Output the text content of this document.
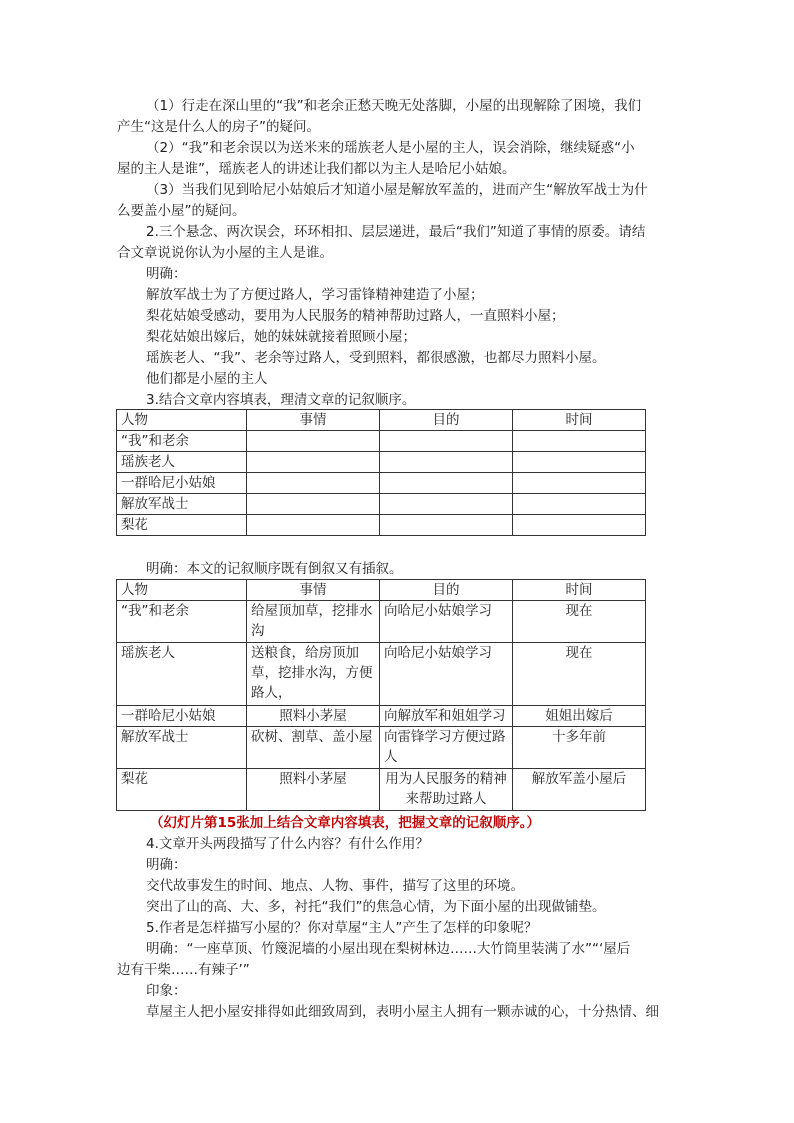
（1）行走在深山里的“我”和老余正愁天晚无处落脚，小屋的出现解除了困境，我们
产生“这是什么人的房子”的疑问。
（2）“我”和老余误以为送米来的瑶族老人是小屋的主人，误会消除，继续疑惑“小
屋的主人是谁”，瑶族老人的讲述让我们都以为主人是哈尼小姑娘。
（3）当我们见到哈尼小姑娘后才知道小屋是解放军盖的，进而产生“解放军战士为什
么要盖小屋”的疑问。
2.三个悬念、两次误会，环环相扣、层层递进，最后“我们”知道了事情的原委。请结
合文章说说你认为小屋的主人是谁。
明确：
解放军战士为了方便过路人，学习雷锋精神建造了小屋；
梨花姑娘受感动，要用为人民服务的精神帮助过路人，一直照料小屋；
梨花姑娘出嫁后，她的妹妹就接着照顾小屋；
瑶族老人、“我”、老余等过路人，受到照料，都很感激，也都尽力照料小屋。
他们都是小屋的主人
3.结合文章内容填表，理清文章的记叙顺序。
人物	事情	目的	时间
“我”和老余			
瑶族老人			
一群哈尼小姑娘			
解放军战士			
梨花			
明确：本文的记叙顺序既有倒叙又有插叙。
人物	事情	目的	时间
“我”和老余	给屋顶加草，挖排水沟	向哈尼小姑娘学习	现在
瑶族老人	送粮食，给房顶加草，挖排水沟，方便路人，	向哈尼小姑娘学习	现在
一群哈尼小姑娘	照料小茅屋	向解放军和姐姐学习	姐姐出嫁后
解放军战士	砍树、割草、盖小屋	向雷锋学习方便过路人	十多年前
梨花	照料小茅屋	用为人民服务的精神来帮助过路人	解放军盖小屋后
（幻灯片第15张加上结合文章内容填表，把握文章的记叙顺序。）
4.文章开头两段描写了什么内容？有什么作用？
明确：
交代故事发生的时间、地点、人物、事件，描写了这里的环境。
突出了山的高、大、多，衬托“我们”的焦急心情，为下面小屋的出现做铺垫。
5.作者是怎样描写小屋的？你对草屋“主人”产生了怎样的印象呢？
明确：“一座草顶、竹篾泥墙的小屋出现在梨树林边……大竹筒里装满了水”“‘屋后
边有干柴……有辣子’”
印象：
草屋主人把小屋安排得如此细致周到，表明小屋主人拥有一颗赤诚的心，十分热情、细
